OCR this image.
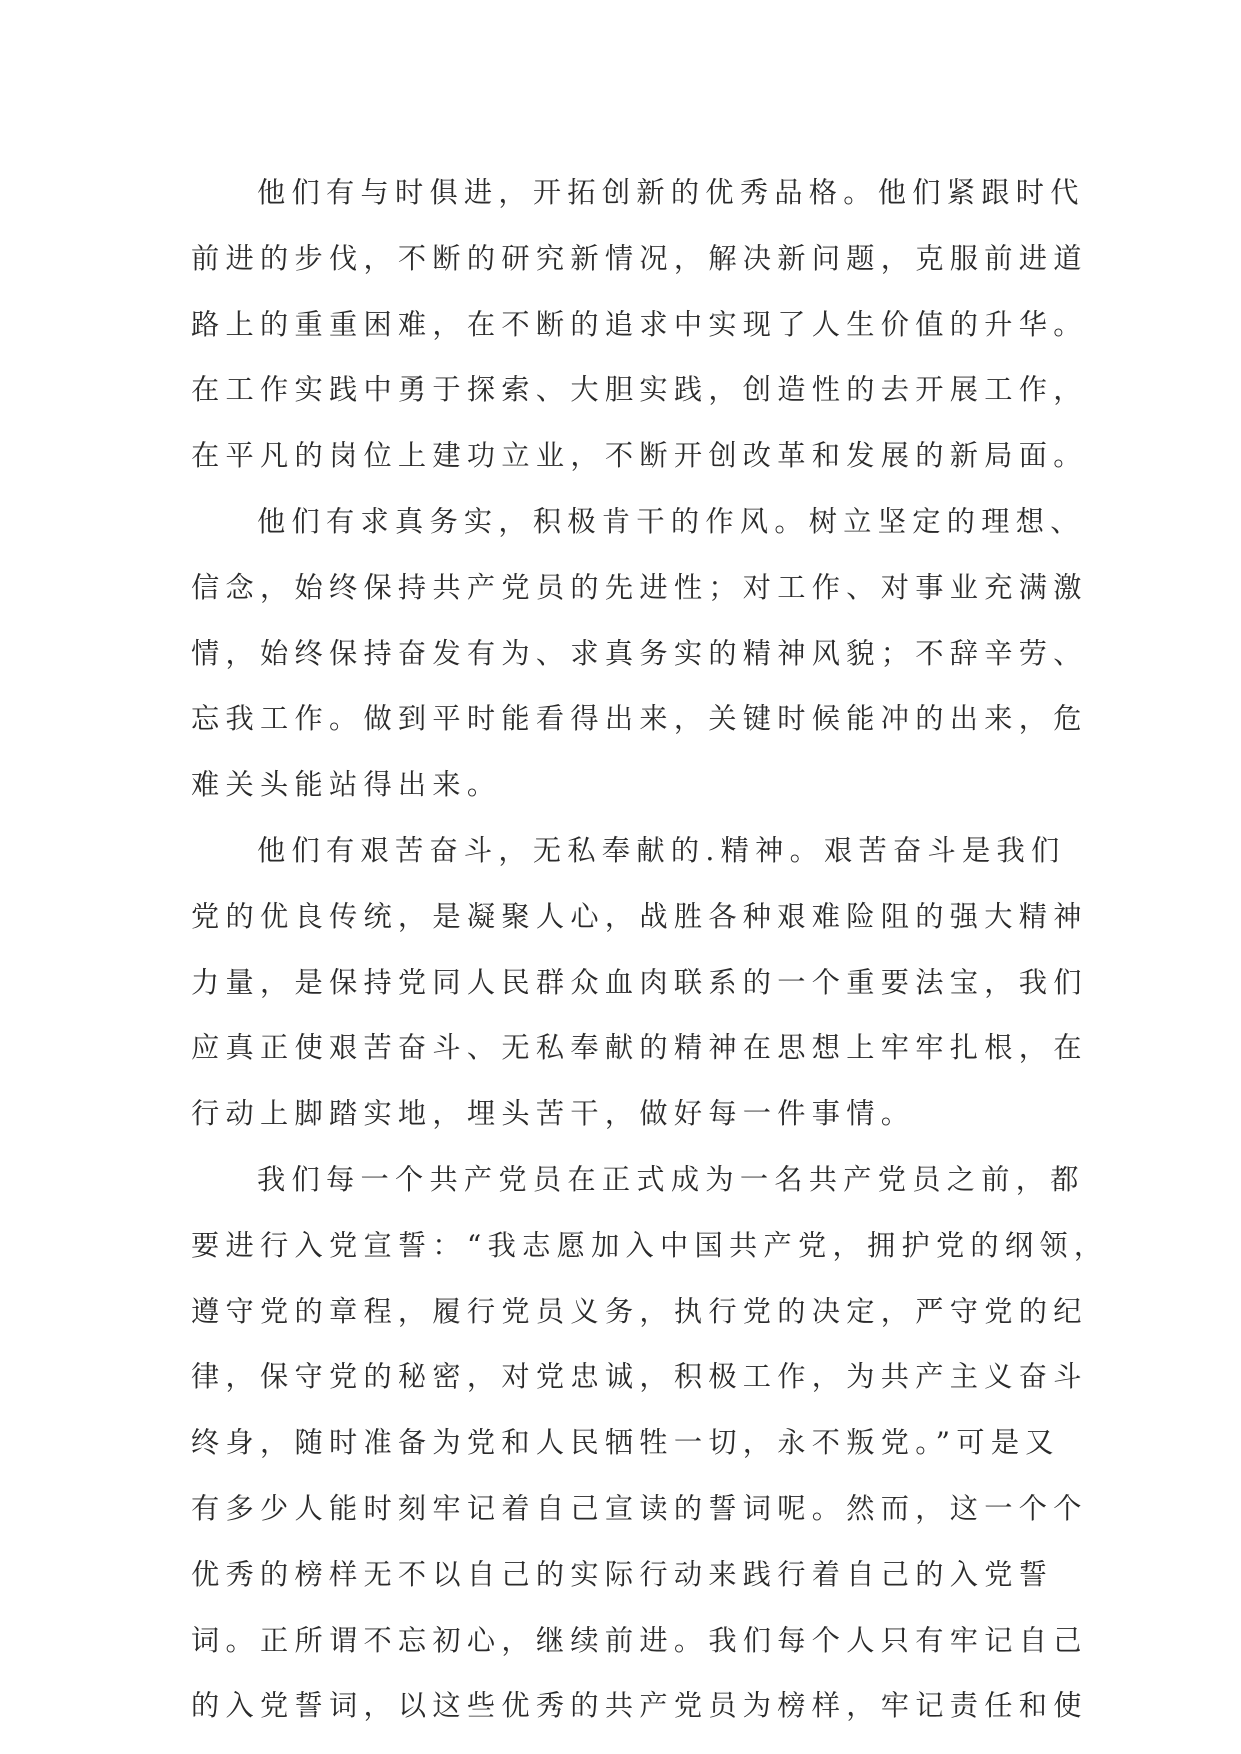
他们有与时俱进，开拓创新的优秀品格。他们紧跟时代
前进的步伐，不断的研究新情况，解决新问题，克服前进道
路上的重重困难，在不断的追求中实现了人生价值的升华。
在工作实践中勇于探索、大胆实践，创造性的去开展工作，
在平凡的岗位上建功立业，不断开创改革和发展的新局面。
他们有求真务实，积极肯干的作风。树立坚定的理想、
信念，始终保持共产党员的先进性；对工作、对事业充满激
情，始终保持奋发有为、求真务实的精神风貌；不辞辛劳、
忘我工作。做到平时能看得出来，关键时候能冲的出来，危
难关头能站得出来。
他们有艰苦奋斗，无私奉献的.精神。艰苦奋斗是我们
党的优良传统，是凝聚人心，战胜各种艰难险阻的强大精神
力量，是保持党同人民群众血肉联系的一个重要法宝，我们
应真正使艰苦奋斗、无私奉献的精神在思想上牢牢扎根，在
行动上脚踏实地，埋头苦干，做好每一件事情。
我们每一个共产党员在正式成为一名共产党员之前，都
要进行入党宣誓：“我志愿加入中国共产党，拥护党的纲领，
遵守党的章程，履行党员义务，执行党的决定，严守党的纪
律，保守党的秘密，对党忠诚，积极工作，为共产主义奋斗
终身，随时准备为党和人民牺牲一切，永不叛党。”可是又
有多少人能时刻牢记着自己宣读的誓词呢。然而，这一个个
优秀的榜样无不以自己的实际行动来践行着自己的入党誓
词。正所谓不忘初心，继续前进。我们每个人只有牢记自己
的入党誓词，以这些优秀的共产党员为榜样，牢记责任和使
